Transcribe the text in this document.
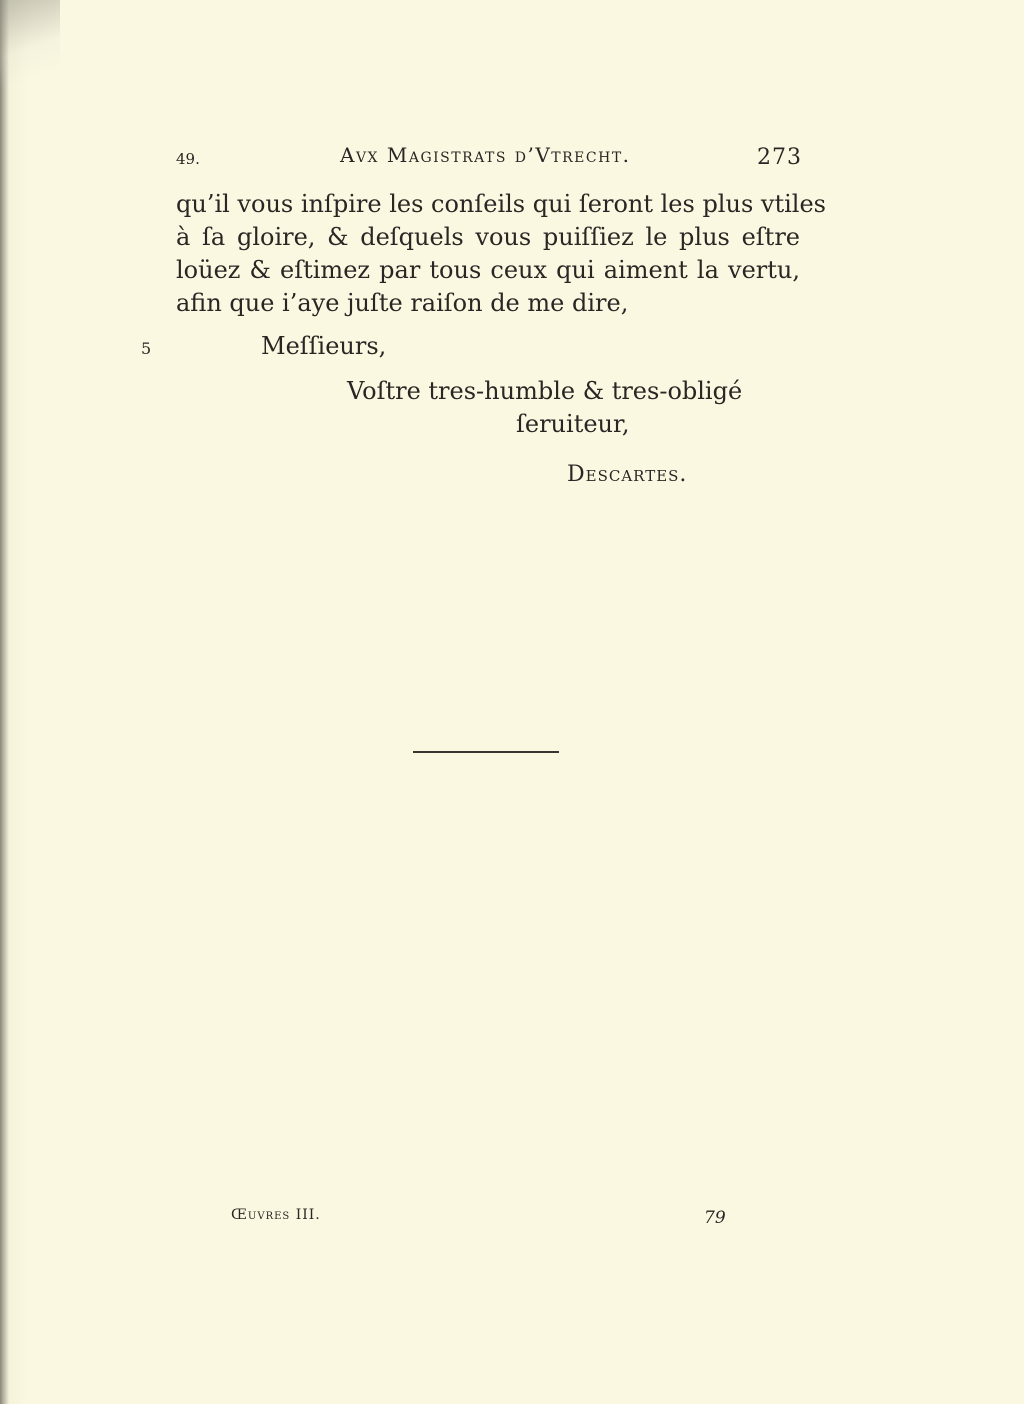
49.	Avx Magistrats d’Vtrecht.	273
qu’il vous inſpire les conſeils qui ſeront les plus vtiles
à ſa gloire, & deſquels vous puiſſiez le plus eſtre
loüez & eſtimez par tous ceux qui aiment la vertu,
afin que i’aye juſte raiſon de me dire,
5	Meſſieurs,
Voſtre tres-humble & tres-obligé
ſeruiteur,
Descartes.
Œuvres III.	79
